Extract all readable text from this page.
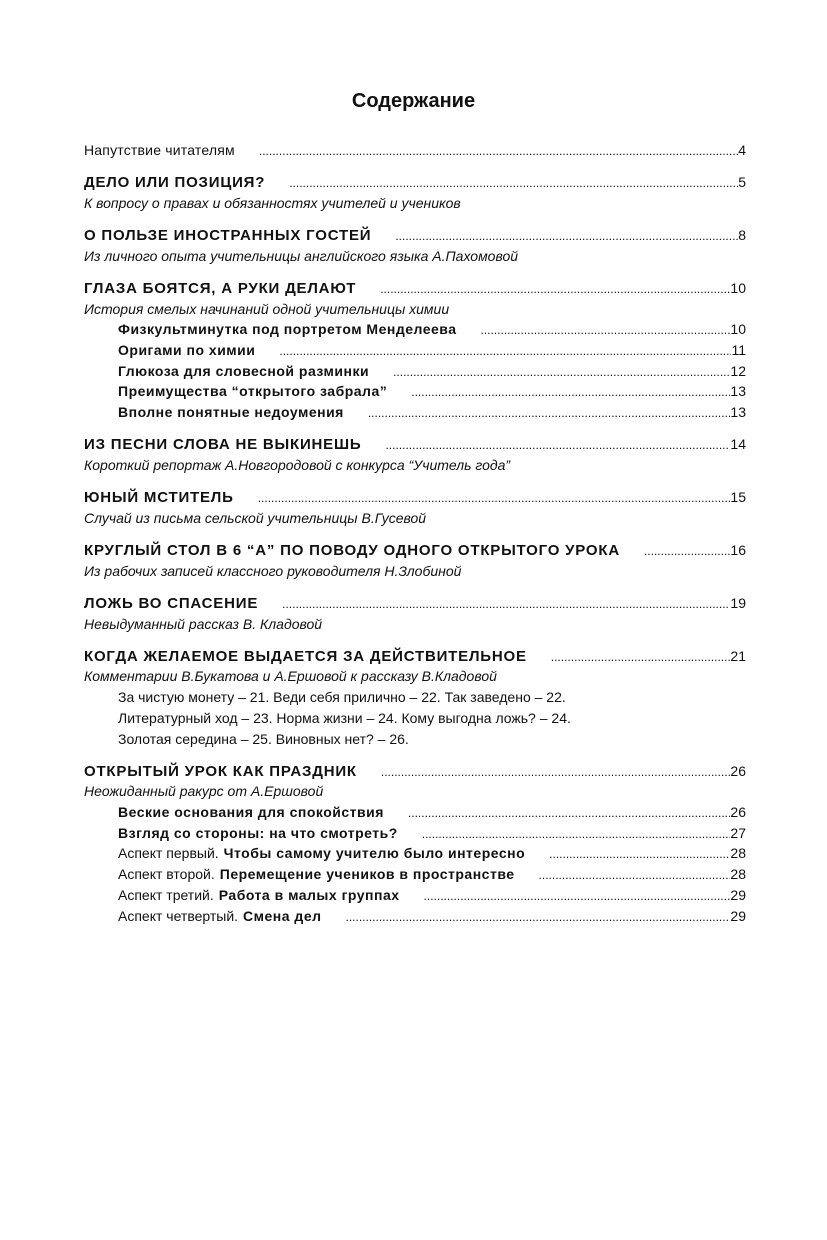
Содержание
Напутствие читателям .....	4
ДЕЛО ИЛИ ПОЗИЦИЯ? .....	5
К вопросу о правах и обязанностях учителей и учеников
О ПОЛЬЗЕ ИНОСТРАННЫХ ГОСТЕЙ .....	8
Из личного опыта учительницы английского языка А.Пахомовой
ГЛАЗА БОЯТСЯ, А РУКИ ДЕЛАЮТ .....	10
История смелых начинаний одной учительницы химии
Физкультминутка под портретом Менделеева .....	10
Оригами по химии .....	11
Глюкоза для словесной разминки .....	12
Преимущества “открытого забрала” .....	13
Вполне понятные недоумения .....	13
ИЗ ПЕСНИ СЛОВА НЕ ВЫКИНЕШЬ .....	14
Короткий репортаж А.Новгородовой с конкурса “Учитель года”
ЮНЫЙ МСТИТЕЛЬ .....	15
Случай из письма сельской учительницы В.Гусевой
КРУГЛЫЙ СТОЛ В 6 “А” ПО ПОВОДУ ОДНОГО ОТКРЫТОГО УРОКА .....	16
Из рабочих записей классного руководителя Н.Злобиной
ЛОЖЬ ВО СПАСЕНИЕ .....	19
Невыдуманный рассказ В. Кладовой
КОГДА ЖЕЛАЕМОЕ ВЫДАЕТСЯ ЗА ДЕЙСТВИТЕЛЬНОЕ .....	21
Комментарии В.Букатова и А.Ершовой к рассказу В.Кладовой
За чистую монету – 21. Веди себя прилично – 22. Так заведено – 22.
Литературный ход – 23. Норма жизни – 24. Кому выгодна ложь? – 24.
Золотая середина – 25. Виновных нет? – 26.
ОТКРЫТЫЙ УРОК КАК ПРАЗДНИК .....	26
Неожиданный ракурс от А.Ершовой
Веские основания для спокойствия .....	26
Взгляд со стороны: на что смотреть? .....	27
Аспект первый. Чтобы самому учителю было интересно .....	28
Аспект второй. Перемещение учеников в пространстве .....	28
Аспект третий. Работа в малых группах .....	29
Аспект четвертый. Смена дел .....	29
